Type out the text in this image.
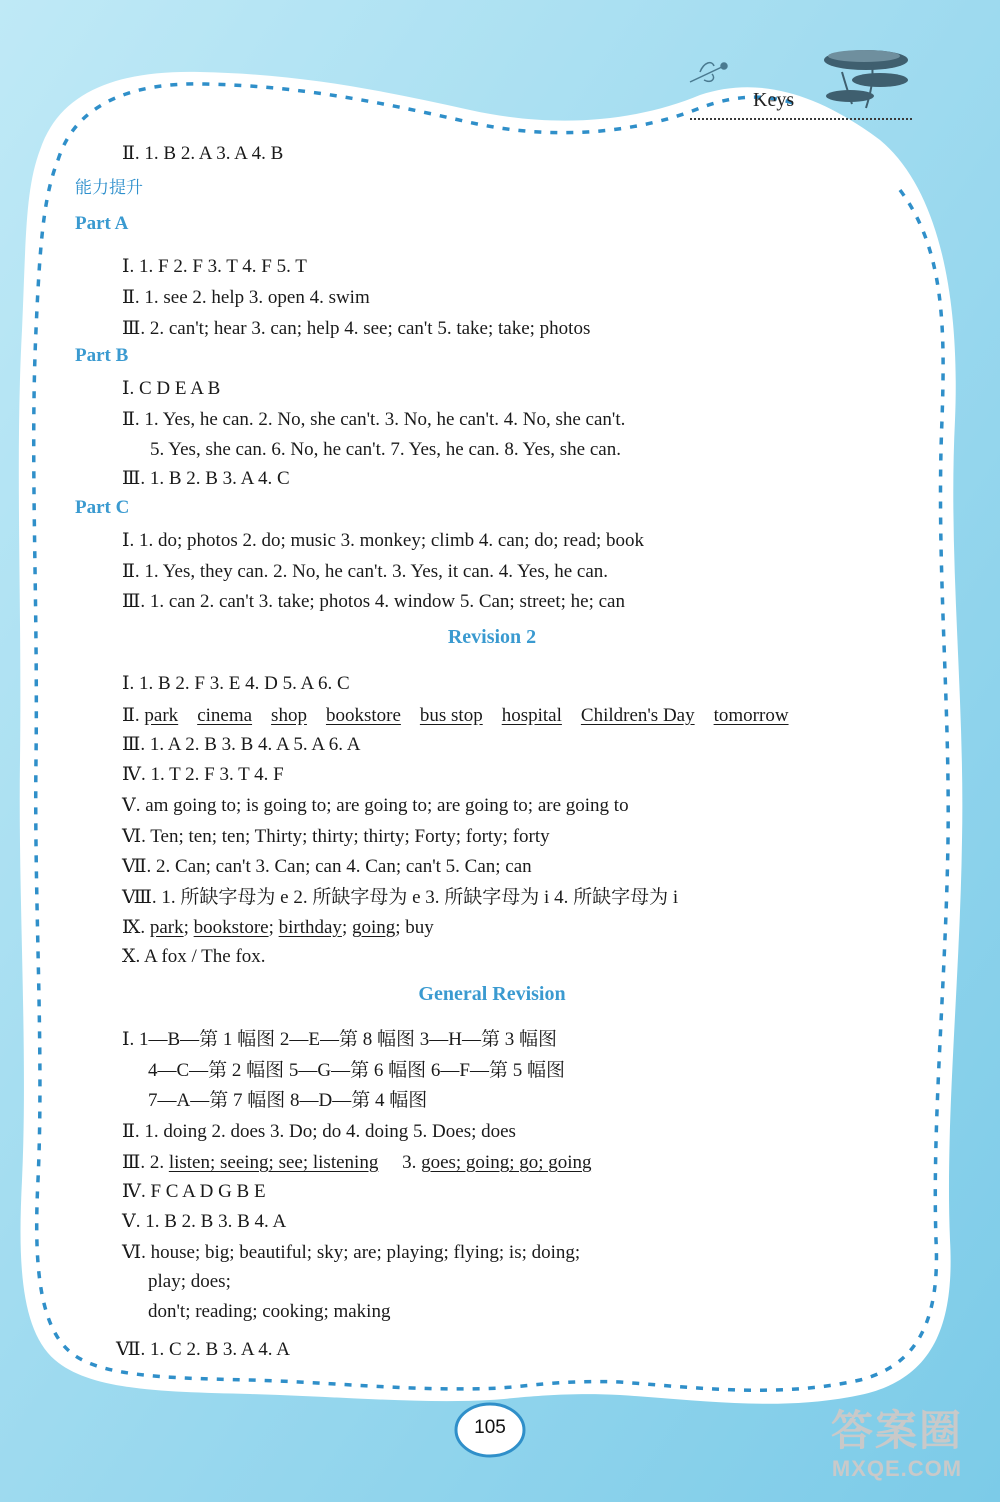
Keys
Ⅱ. 1. B 2. A 3. A 4. B
能力提升
Part A
Ⅰ. 1. F 2. F 3. T 4. F 5. T
Ⅱ. 1. see 2. help 3. open 4. swim
Ⅲ. 2. can't; hear 3. can; help 4. see; can't 5. take; take; photos
Part B
Ⅰ. C D E A B
Ⅱ. 1. Yes, he can. 2. No, she can't. 3. No, he can't. 4. No, she can't.
5. Yes, she can. 6. No, he can't. 7. Yes, he can. 8. Yes, she can.
Ⅲ. 1. B 2. B 3. A 4. C
Part C
Ⅰ. 1. do; photos 2. do; music 3. monkey; climb 4. can; do; read; book
Ⅱ. 1. Yes, they can. 2. No, he can't. 3. Yes, it can. 4. Yes, he can.
Ⅲ. 1. can 2. can't 3. take; photos 4. window 5. Can; street; he; can
Revision 2
Ⅰ. 1. B 2. F 3. E 4. D 5. A 6. C
Ⅱ. park cinema shop bookstore bus stop hospital Children's Day tomorrow
Ⅲ. 1. A 2. B 3. B 4. A 5. A 6. A
Ⅳ. 1. T 2. F 3. T 4. F
Ⅴ. am going to; is going to; are going to; are going to; are going to
Ⅵ. Ten; ten; ten; Thirty; thirty; thirty; Forty; forty; forty
Ⅶ. 2. Can; can't 3. Can; can 4. Can; can't 5. Can; can
Ⅷ. 1. 所缺字母为 e 2. 所缺字母为 e 3. 所缺字母为 i 4. 所缺字母为 i
Ⅸ. park; bookstore; birthday; going; buy
Ⅹ. A fox / The fox.
General Revision
Ⅰ. 1—B—第 1 幅图 2—E—第 8 幅图 3—H—第 3 幅图
4—C—第 2 幅图 5—G—第 6 幅图 6—F—第 5 幅图
7—A—第 7 幅图 8—D—第 4 幅图
Ⅱ. 1. doing 2. does 3. Do; do 4. doing 5. Does; does
Ⅲ. 2. listen; seeing; see; listening     3. goes; going; go; going
Ⅳ. F C A D G B E
Ⅴ. 1. B 2. B 3. B 4. A
Ⅵ. house; big; beautiful; sky; are; playing; flying; is; doing;
play; does;
don't; reading; cooking; making
Ⅶ. 1. C 2. B 3. A 4. A
105	答案圈
MXQE.COM
